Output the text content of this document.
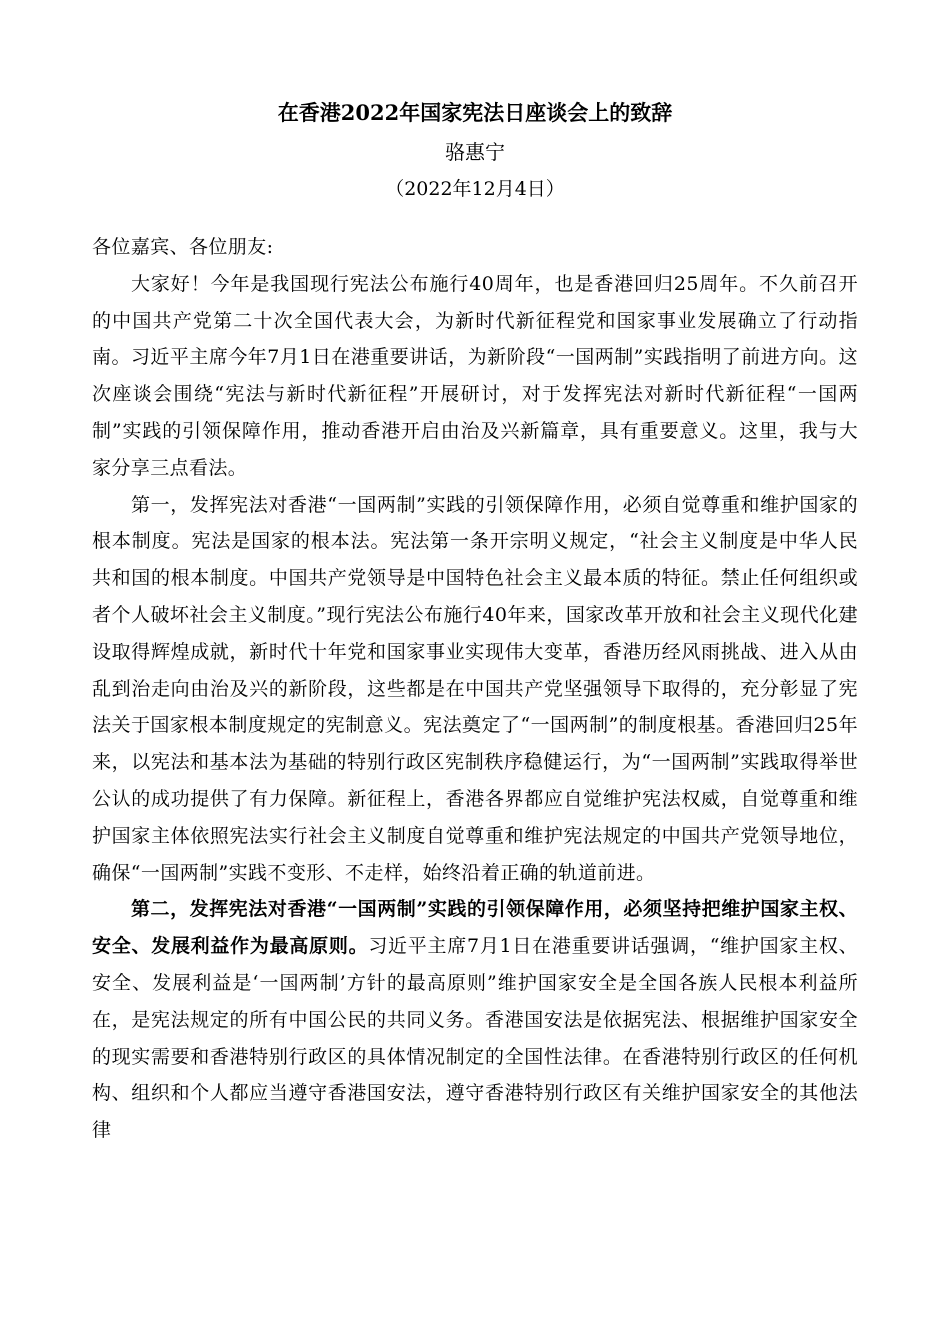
在香港2022年国家宪法日座谈会上的致辞
骆惠宁
（2022年12月4日）

各位嘉宾、各位朋友:

大家好！今年是我国现行宪法公布施行40周年，也是香港回归25周年。不久前召开的中国共产党第二十次全国代表大会，为新时代新征程党和国家事业发展确立了行动指南。习近平主席今年7月1日在港重要讲话，为新阶段“一国两制”实践指明了前进方向。这次座谈会围绕“宪法与新时代新征程”开展研讨，对于发挥宪法对新时代新征程“一国两制”实践的引领保障作用，推动香港开启由治及兴新篇章，具有重要意义。这里，我与大家分享三点看法。

第一，发挥宪法对香港“一国两制”实践的引领保障作用，必须自觉尊重和维护国家的根本制度。宪法是国家的根本法。宪法第一条开宗明义规定，“社会主义制度是中华人民共和国的根本制度。中国共产党领导是中国特色社会主义最本质的特征。禁止任何组织或者个人破坏社会主义制度。”现行宪法公布施行40年来，国家改革开放和社会主义现代化建设取得辉煌成就，新时代十年党和国家事业实现伟大变革，香港历经风雨挑战、进入从由乱到治走向由治及兴的新阶段，这些都是在中国共产党坚强领导下取得的，充分彰显了宪法关于国家根本制度规定的宪制意义。宪法奠定了“一国两制”的制度根基。香港回归25年来，以宪法和基本法为基础的特别行政区宪制秩序稳健运行，为“一国两制”实践取得举世公认的成功提供了有力保障。新征程上，香港各界都应自觉维护宪法权威，自觉尊重和维护国家主体依照宪法实行社会主义制度自觉尊重和维护宪法规定的中国共产党领导地位，确保“一国两制”实践不变形、不走样，始终沿着正确的轨道前进。

第二，发挥宪法对香港“一国两制”实践的引领保障作用，必须坚持把维护国家主权、安全、发展利益作为最高原则。习近平主席7月1日在港重要讲话强调，“维护国家主权、安全、发展利益是‘一国两制’方针的最高原则”维护国家安全是全国各族人民根本利益所在，是宪法规定的所有中国公民的共同义务。香港国安法是依据宪法、根据维护国家安全的现实需要和香港特别行政区的具体情况制定的全国性法律。在香港特别行政区的任何机构、组织和个人都应当遵守香港国安法，遵守香港特别行政区有关维护国家安全的其他法律
